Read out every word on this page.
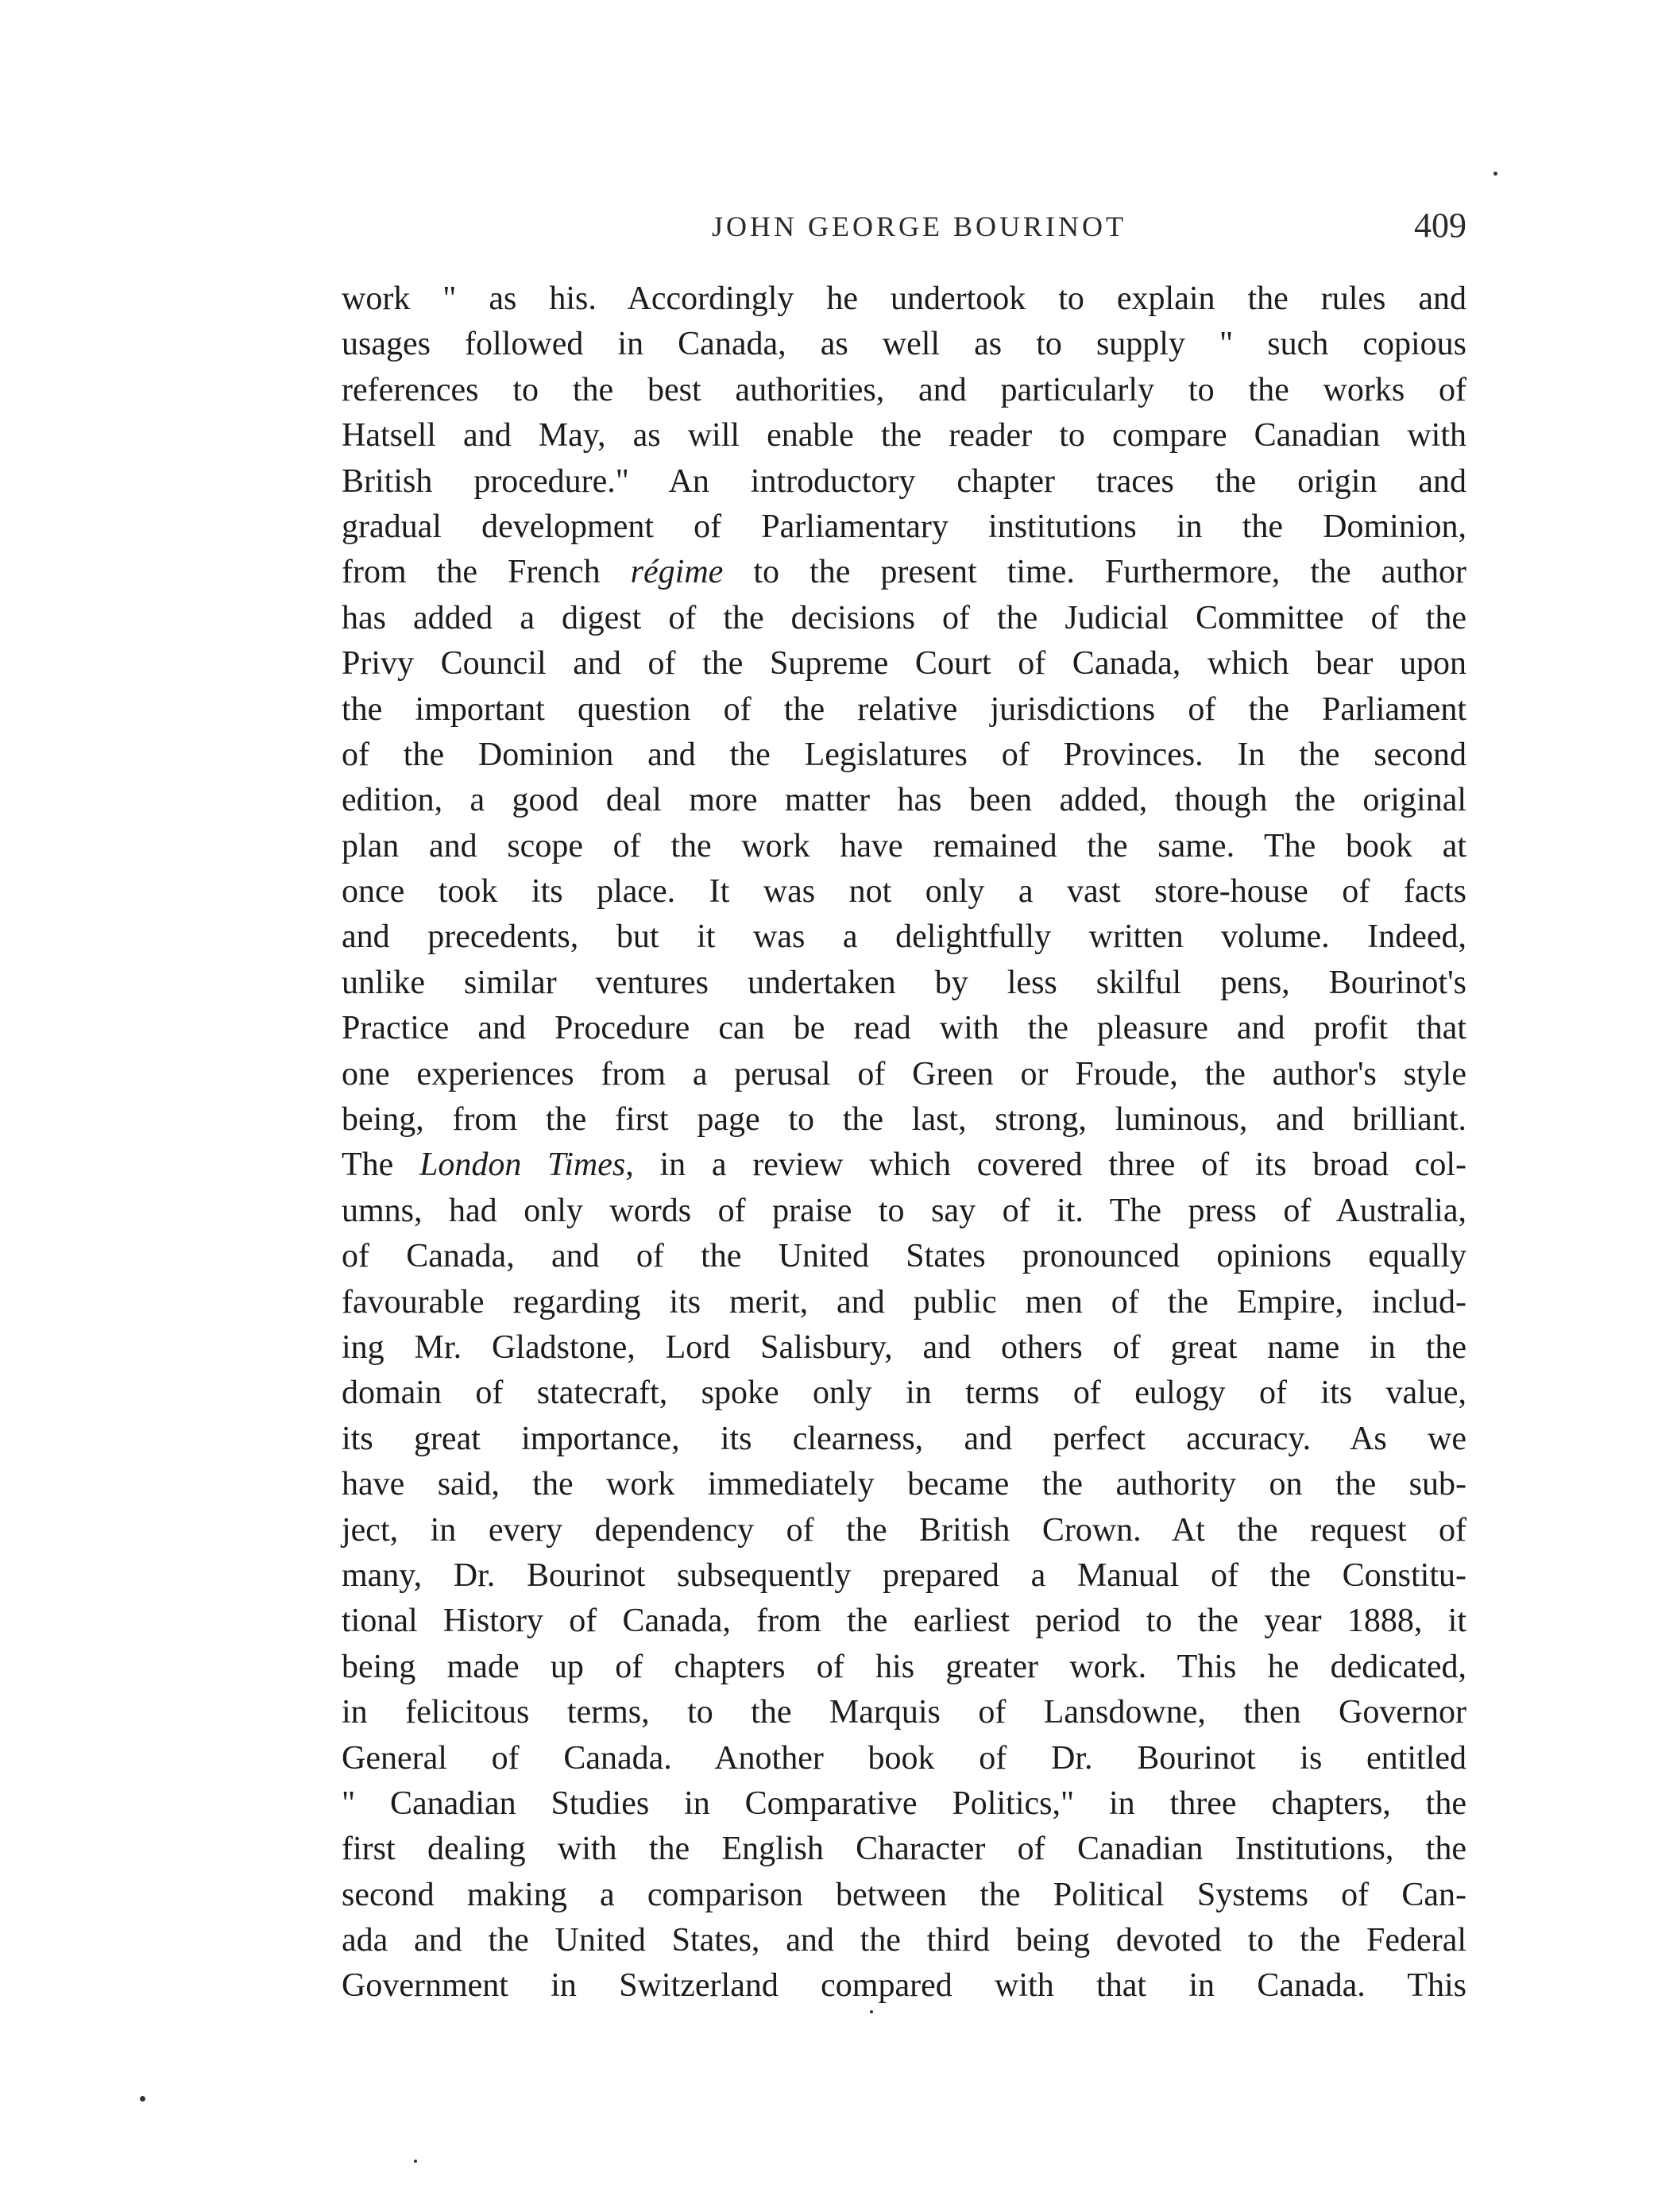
JOHN GEORGE BOURINOT	409
work " as his. Accordingly he undertook to explain the rules and
usages followed in Canada, as well as to supply " such copious
references to the best authorities, and particularly to the works of
Hatsell and May, as will enable the reader to compare Canadian with
British procedure." An introductory chapter traces the origin and
gradual development of Parliamentary institutions in the Dominion,
from the French régime to the present time. Furthermore, the author
has added a digest of the decisions of the Judicial Committee of the
Privy Council and of the Supreme Court of Canada, which bear upon
the important question of the relative jurisdictions of the Parliament
of the Dominion and the Legislatures of Provinces. In the second
edition, a good deal more matter has been added, though the original
plan and scope of the work have remained the same. The book at
once took its place. It was not only a vast store-house of facts
and precedents, but it was a delightfully written volume. Indeed,
unlike similar ventures undertaken by less skilful pens, Bourinot's
Practice and Procedure can be read with the pleasure and profit that
one experiences from a perusal of Green or Froude, the author's style
being, from the first page to the last, strong, luminous, and brilliant.
The London Times, in a review which covered three of its broad col-
umns, had only words of praise to say of it. The press of Australia,
of Canada, and of the United States pronounced opinions equally
favourable regarding its merit, and public men of the Empire, includ-
ing Mr. Gladstone, Lord Salisbury, and others of great name in the
domain of statecraft, spoke only in terms of eulogy of its value,
its great importance, its clearness, and perfect accuracy. As we
have said, the work immediately became the authority on the sub-
ject, in every dependency of the British Crown. At the request of
many, Dr. Bourinot subsequently prepared a Manual of the Constitu-
tional History of Canada, from the earliest period to the year 1888, it
being made up of chapters of his greater work. This he dedicated,
in felicitous terms, to the Marquis of Lansdowne, then Governor
General of Canada. Another book of Dr. Bourinot is entitled
" Canadian Studies in Comparative Politics," in three chapters, the
first dealing with the English Character of Canadian Institutions, the
second making a comparison between the Political Systems of Can-
ada and the United States, and the third being devoted to the Federal
Government in Switzerland compared with that in Canada. This
